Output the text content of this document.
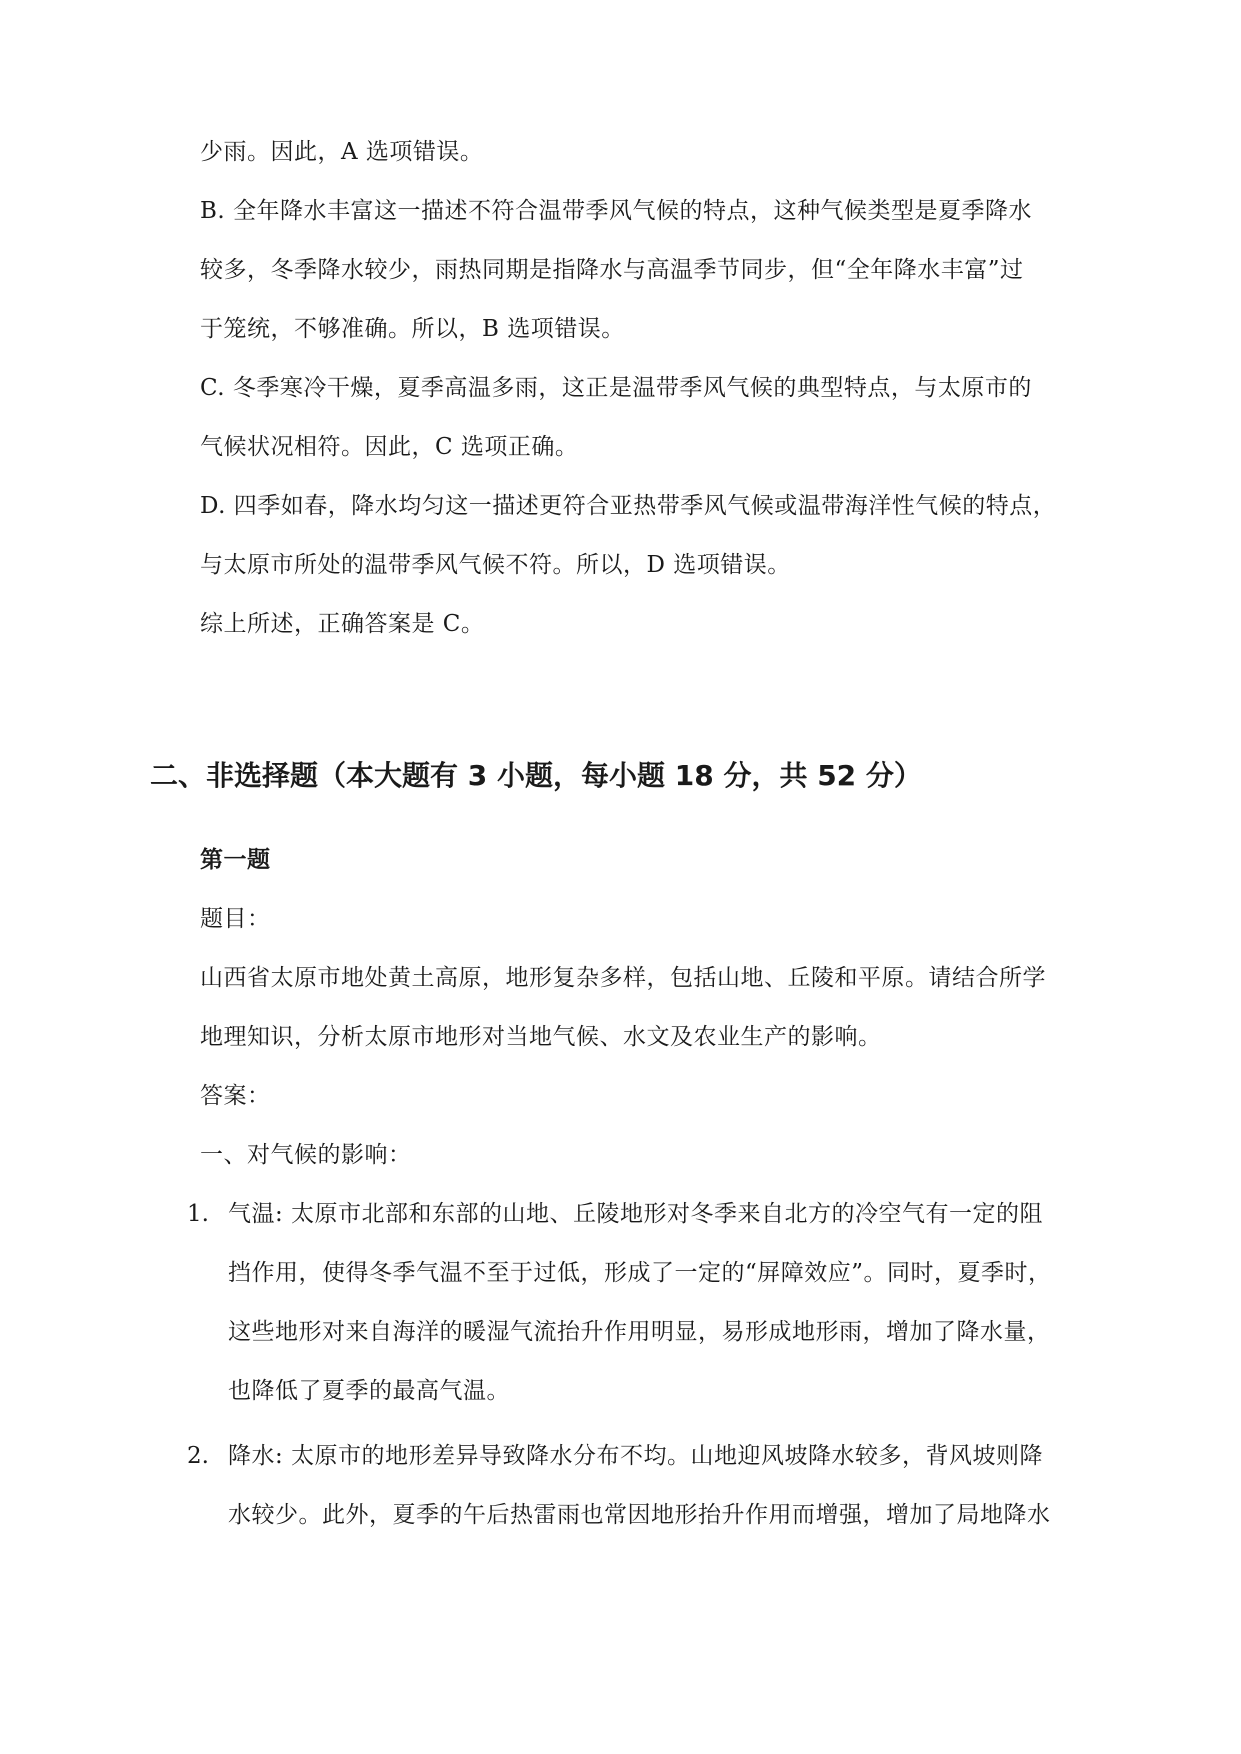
少雨。因此，A 选项错误。
B. 全年降水丰富这一描述不符合温带季风气候的特点，这种气候类型是夏季降水
较多，冬季降水较少，雨热同期是指降水与高温季节同步，但“全年降水丰富”过
于笼统，不够准确。所以，B 选项错误。
C. 冬季寒冷干燥，夏季高温多雨，这正是温带季风气候的典型特点，与太原市的
气候状况相符。因此，C 选项正确。
D. 四季如春，降水均匀这一描述更符合亚热带季风气候或温带海洋性气候的特点，
与太原市所处的温带季风气候不符。所以，D 选项错误。
综上所述，正确答案是 C。
二、非选择题（本大题有 3 小题，每小题 18 分，共 52 分）
第一题
题目：
山西省太原市地处黄土高原，地形复杂多样，包括山地、丘陵和平原。请结合所学
地理知识，分析太原市地形对当地气候、水文及农业生产的影响。
答案：
一、对气候的影响：
1. 气温: 太原市北部和东部的山地、丘陵地形对冬季来自北方的冷空气有一定的阻
挡作用，使得冬季气温不至于过低，形成了一定的“屏障效应”。同时，夏季时，
这些地形对来自海洋的暖湿气流抬升作用明显，易形成地形雨，增加了降水量，
也降低了夏季的最高气温。
2. 降水: 太原市的地形差异导致降水分布不均。山地迎风坡降水较多，背风坡则降
水较少。此外，夏季的午后热雷雨也常因地形抬升作用而增强，增加了局地降水
